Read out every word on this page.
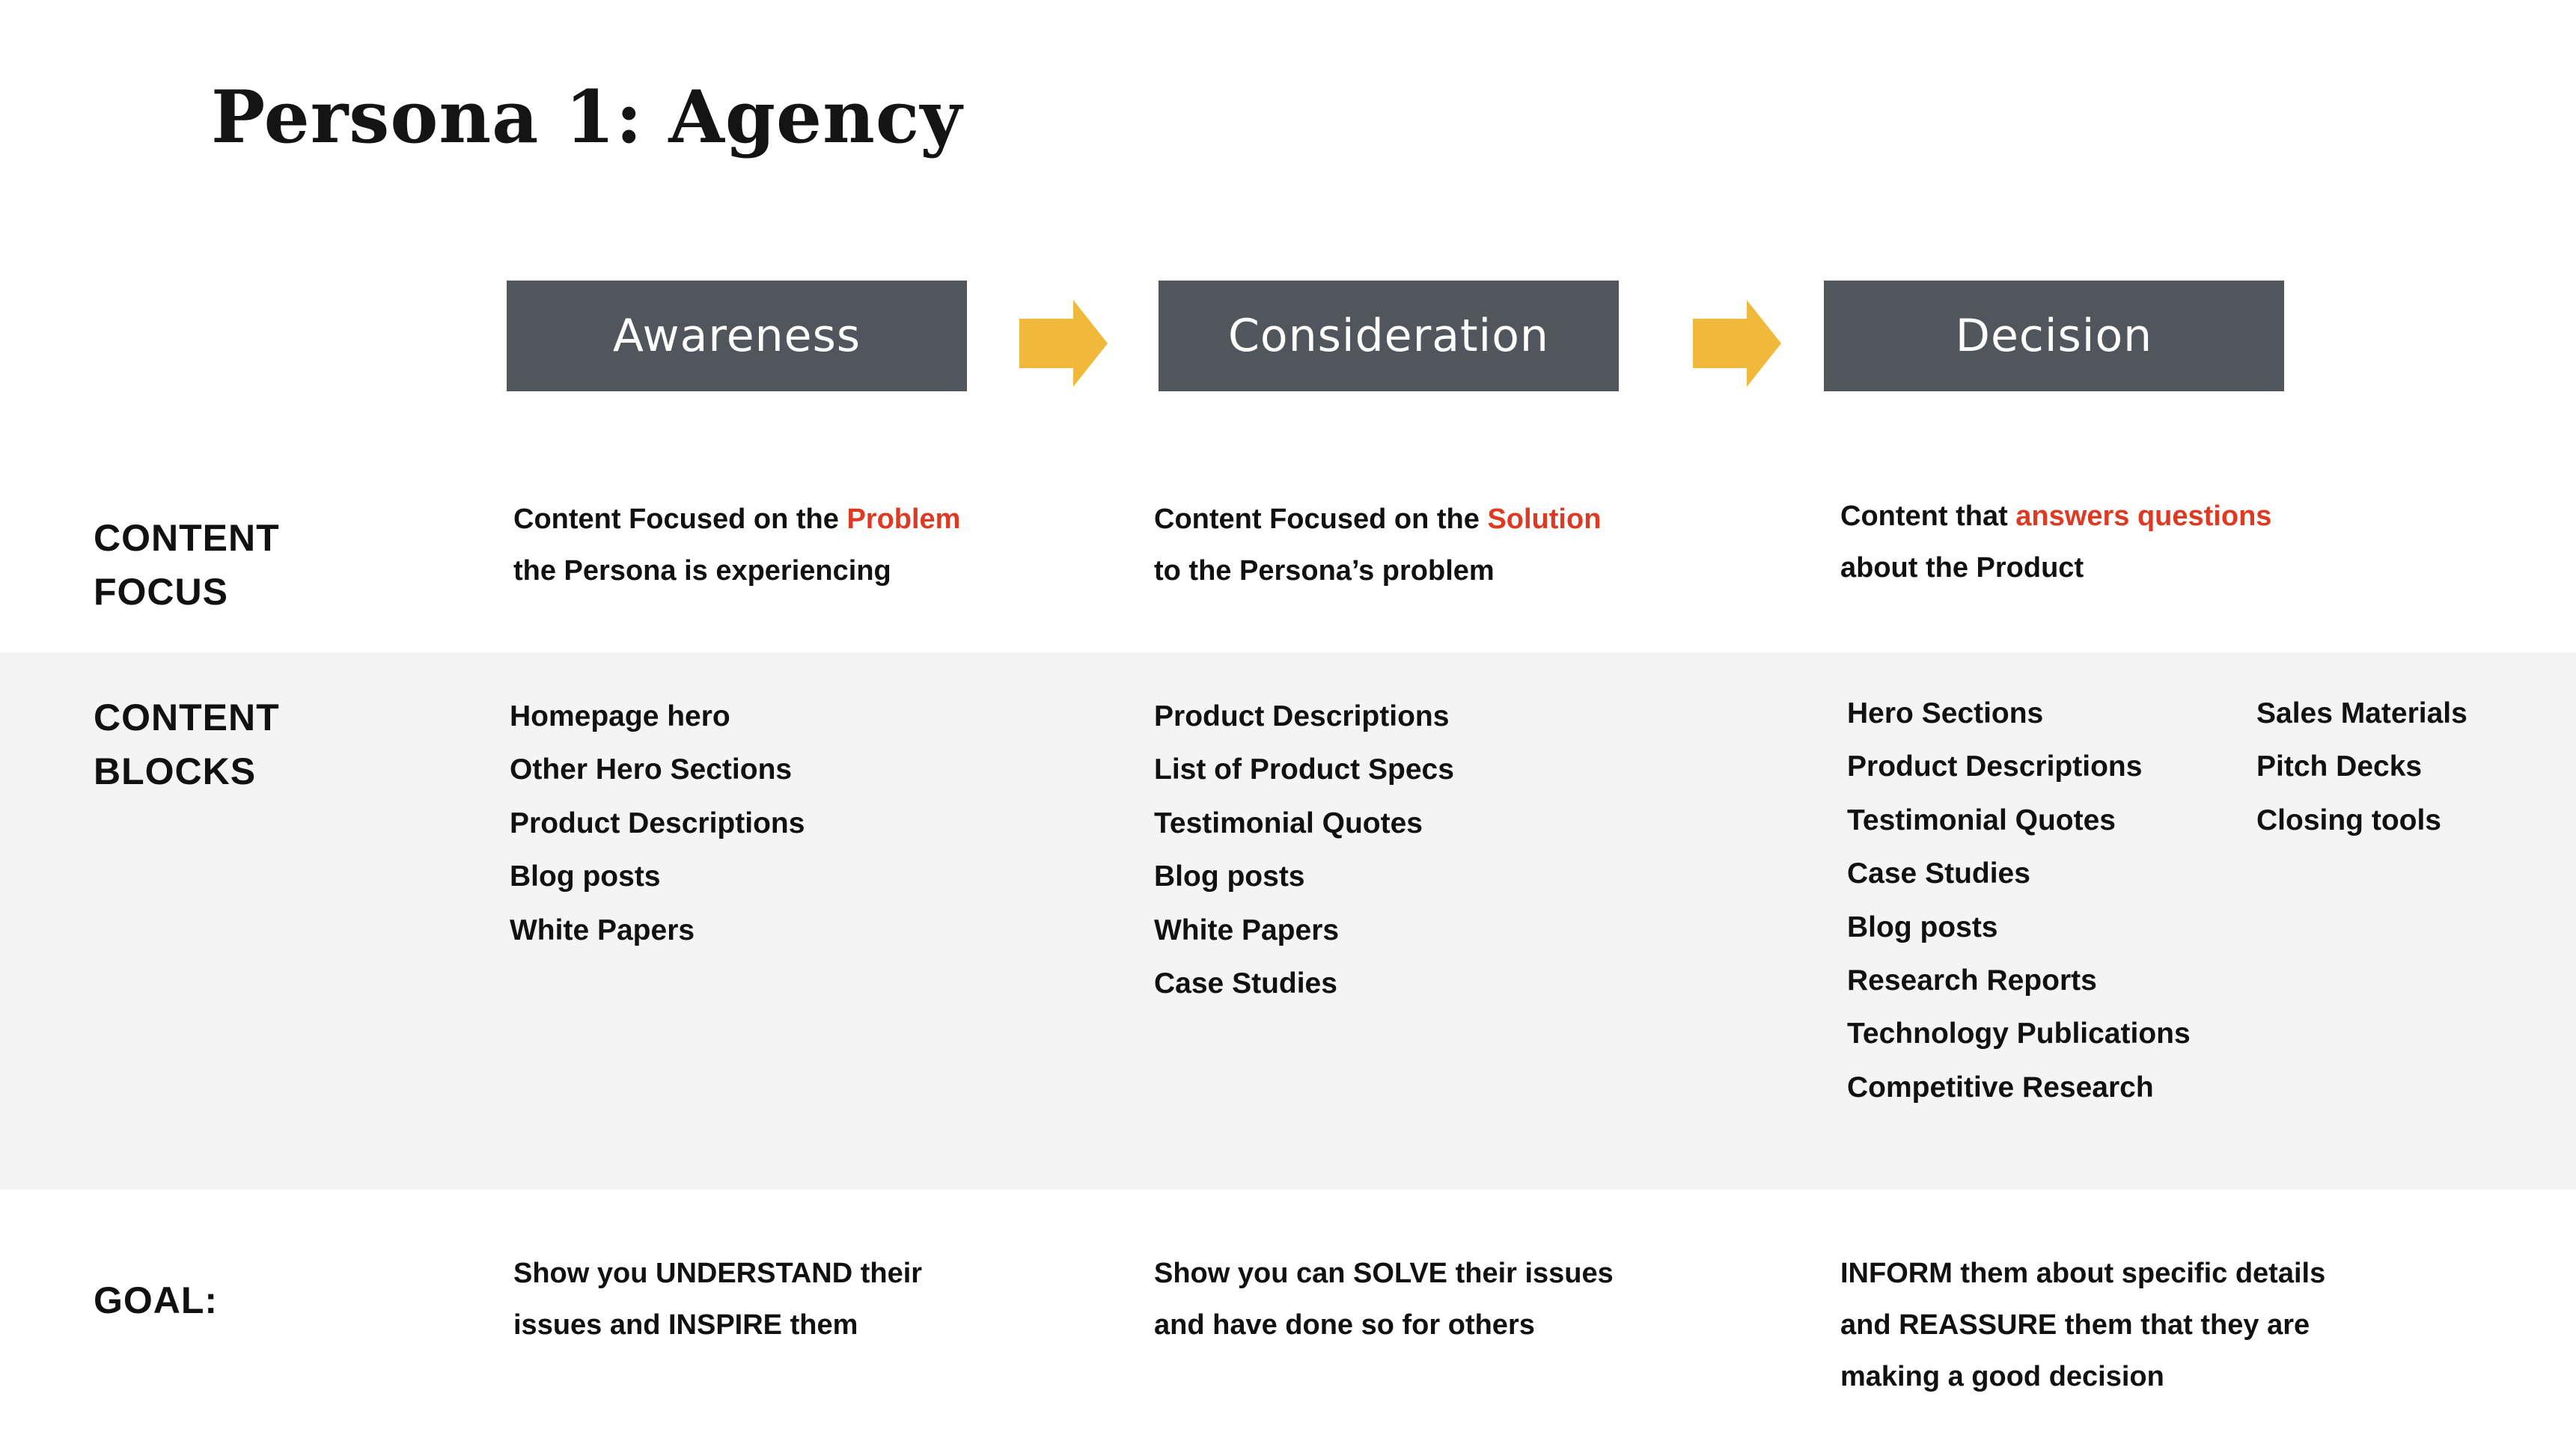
Persona 1: Agency
Awareness	Consideration	Decision
CONTENT
FOCUS
Content Focused on the Problem
the Persona is experiencing
Content Focused on the Solution
to the Persona’s problem
Content that answers questions
about the Product
CONTENT
BLOCKS
Homepage hero
Other Hero Sections
Product Descriptions
Blog posts
White Papers
Product Descriptions
List of Product Specs
Testimonial Quotes
Blog posts
White Papers
Case Studies
Hero Sections
Product Descriptions
Testimonial Quotes
Case Studies
Blog posts
Research Reports
Technology Publications
Competitive Research
Sales Materials
Pitch Decks
Closing tools
GOAL:
Show you UNDERSTAND their
issues and INSPIRE them
Show you can SOLVE their issues
and have done so for others
INFORM them about specific details
and REASSURE them that they are
making a good decision
